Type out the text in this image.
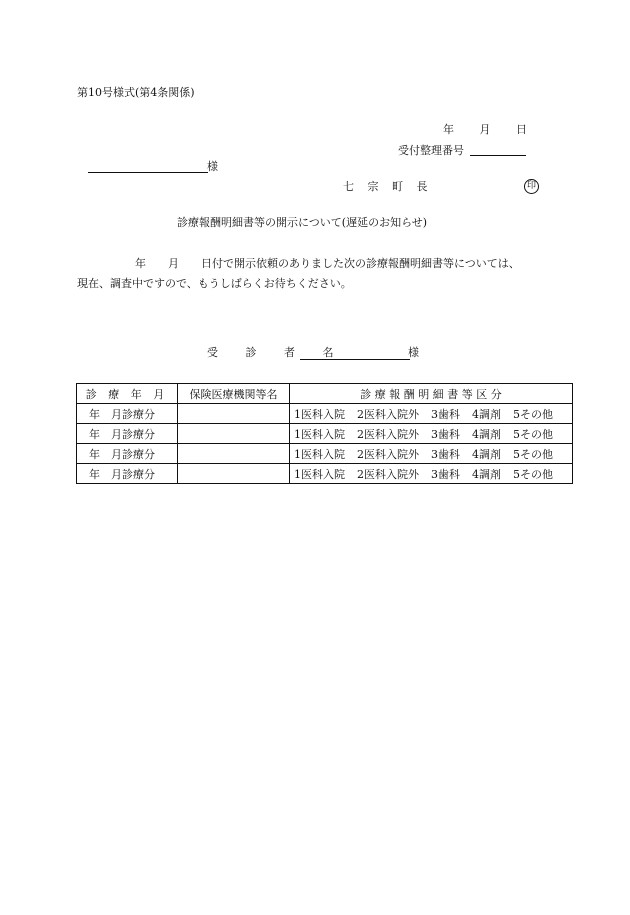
第10号様式(第4条関係)
年 月 日
受付整理番号
様
七 宗 町 長	印
診療報酬明細書等の開示について(遅延のお知らせ)
年 月 日付で開示依頼のありました次の診療報酬明細書等については、
現在、調査中ですので、もうしばらくお待ちください。
受 診 者 名	様
診 療 年 月	保険医療機関等名	診 療 報 酬 明 細 書 等 区 分
年　月診療分		1医科入院 2医科入院外 3歯科 4調剤 5その他
年　月診療分		1医科入院 2医科入院外 3歯科 4調剤 5その他
年　月診療分		1医科入院 2医科入院外 3歯科 4調剤 5その他
年　月診療分		1医科入院 2医科入院外 3歯科 4調剤 5その他
